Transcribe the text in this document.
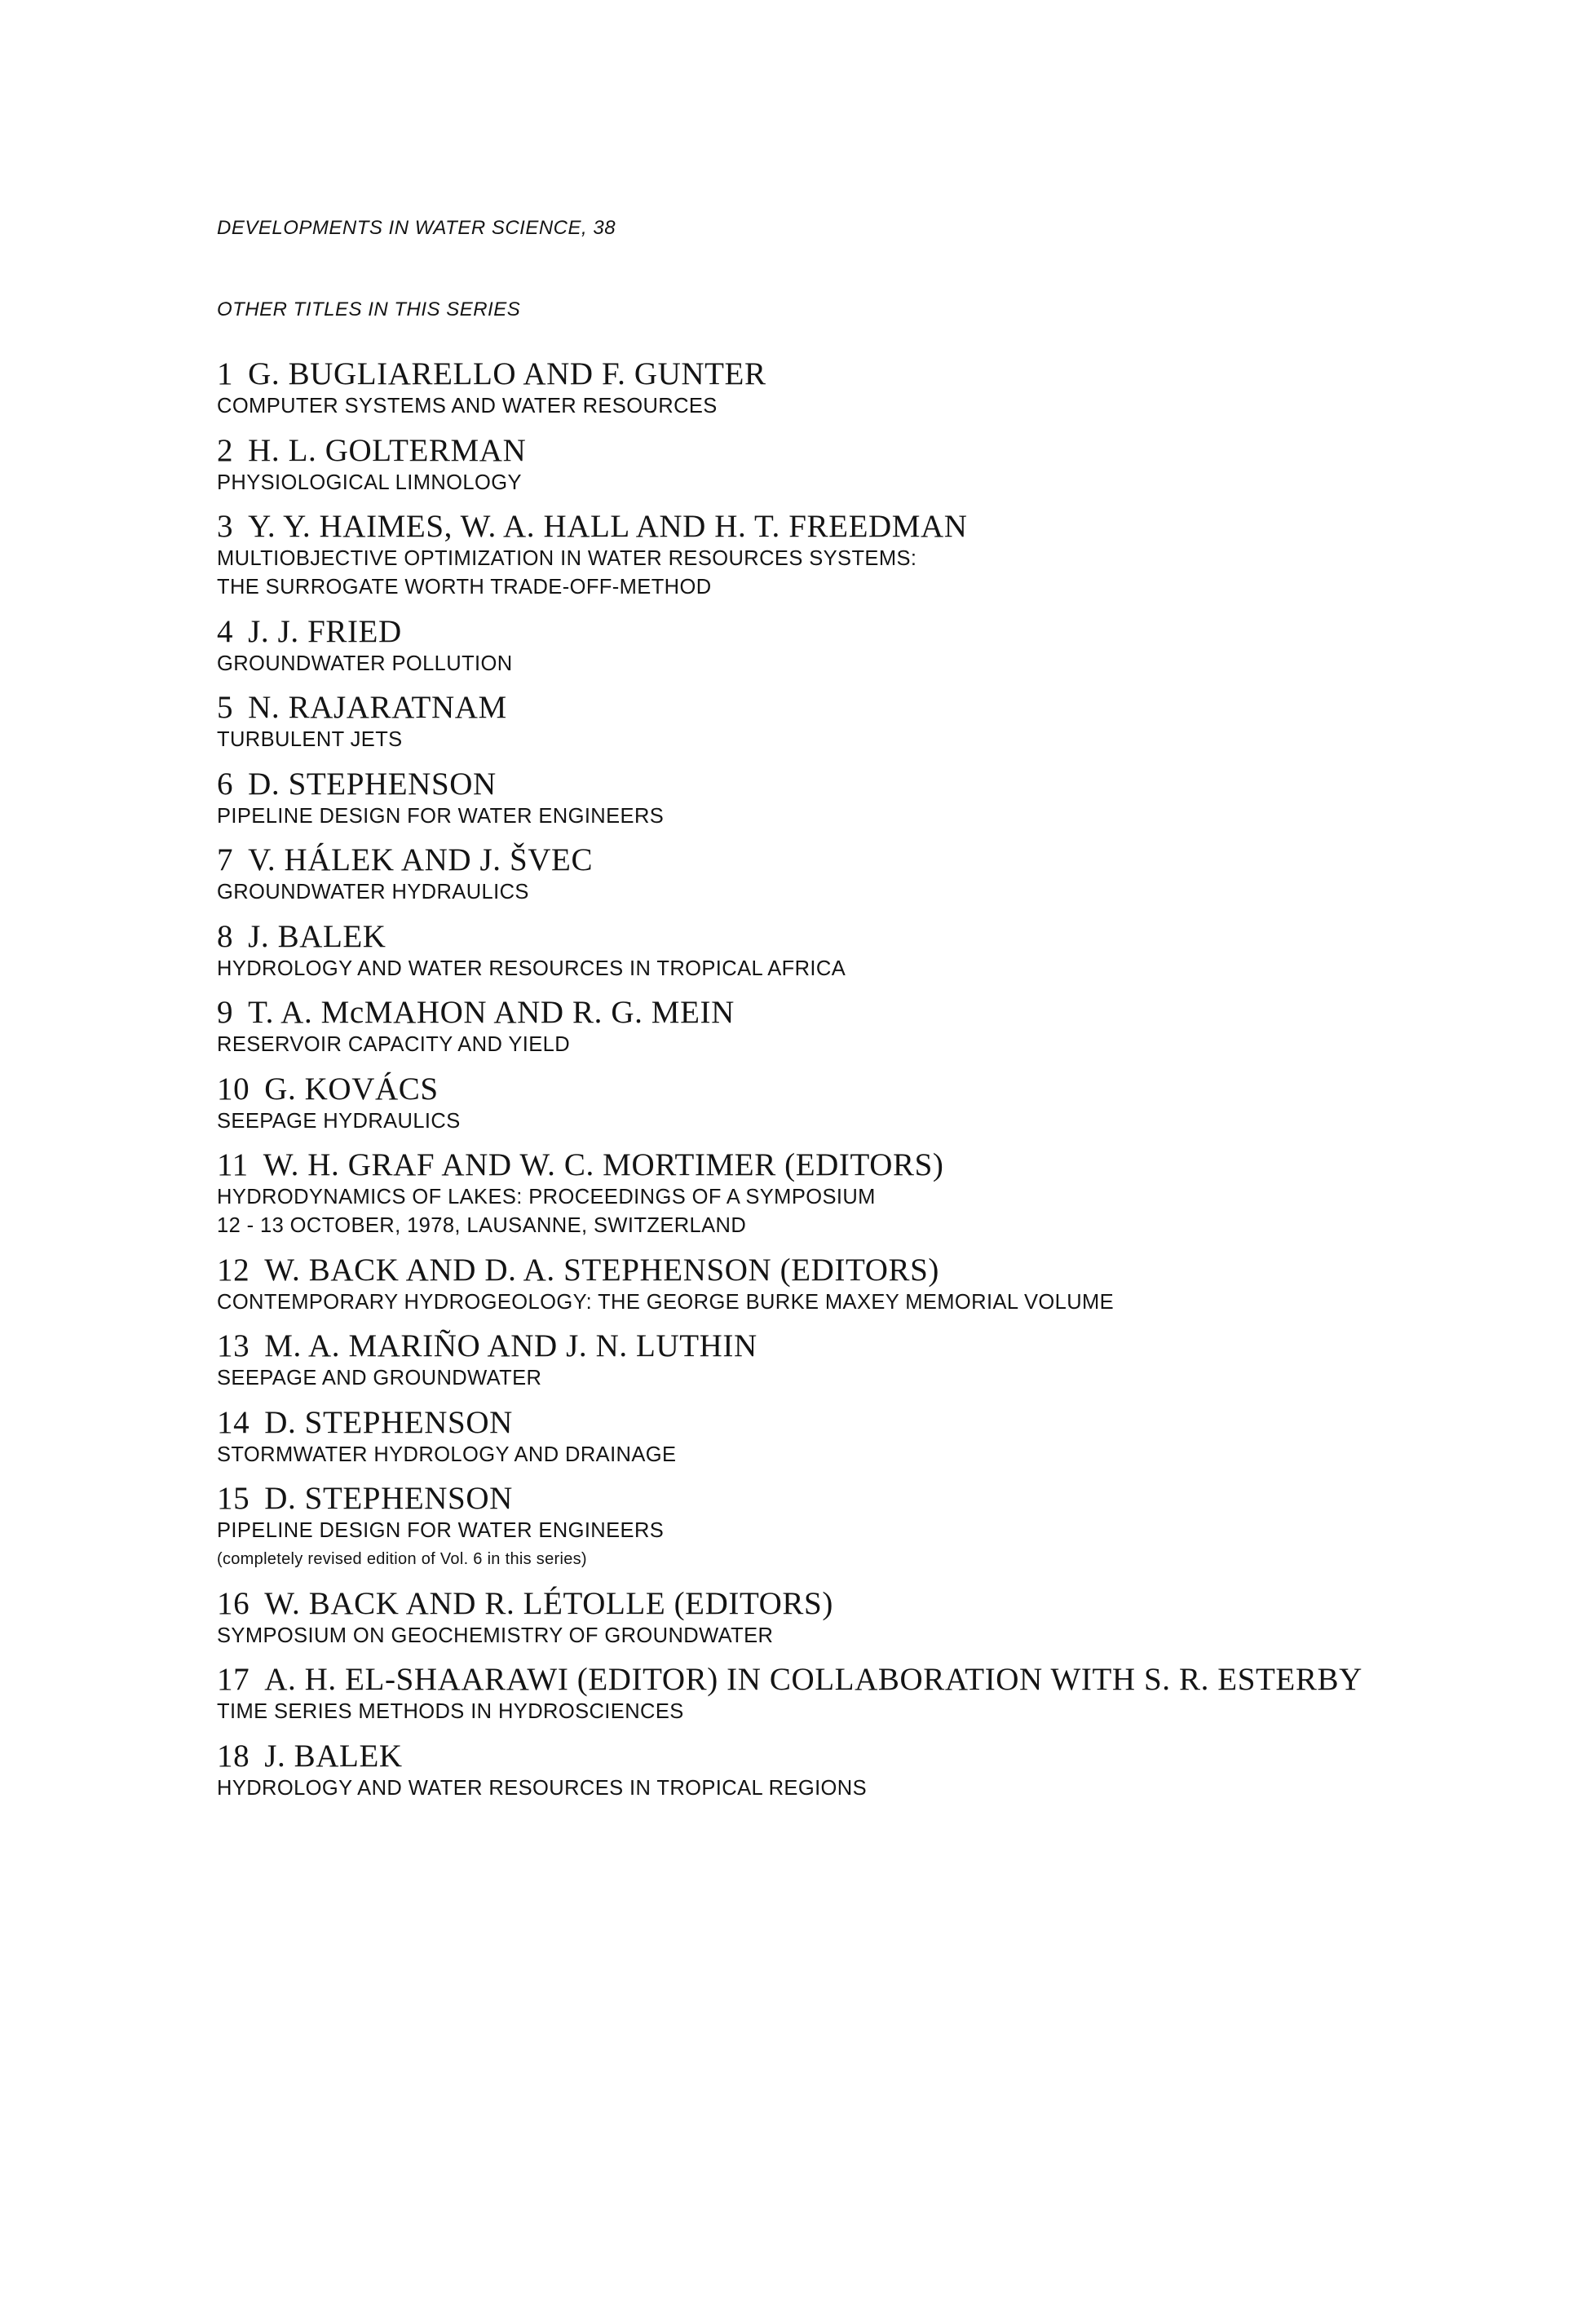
DEVELOPMENTS IN WATER SCIENCE, 38
OTHER TITLES IN THIS SERIES
1 G. BUGLIARELLO AND F. GUNTER
COMPUTER SYSTEMS AND WATER RESOURCES
2 H. L. GOLTERMAN
PHYSIOLOGICAL LIMNOLOGY
3 Y. Y. HAIMES, W. A. HALL AND H. T. FREEDMAN
MULTIOBJECTIVE OPTIMIZATION IN WATER RESOURCES SYSTEMS:
THE SURROGATE WORTH TRADE-OFF-METHOD
4 J. J. FRIED
GROUNDWATER POLLUTION
5 N. RAJARATNAM
TURBULENT JETS
6 D. STEPHENSON
PIPELINE DESIGN FOR WATER ENGINEERS
7 V. HÁLEK AND J. ŠVEC
GROUNDWATER HYDRAULICS
8 J. BALEK
HYDROLOGY AND WATER RESOURCES IN TROPICAL AFRICA
9 T. A. McMAHON AND R. G. MEIN
RESERVOIR CAPACITY AND YIELD
10 G. KOVÁCS
SEEPAGE HYDRAULICS
11 W. H. GRAF AND W. C. MORTIMER (EDITORS)
HYDRODYNAMICS OF LAKES: PROCEEDINGS OF A SYMPOSIUM
12 - 13 OCTOBER, 1978, LAUSANNE, SWITZERLAND
12 W. BACK AND D. A. STEPHENSON (EDITORS)
CONTEMPORARY HYDROGEOLOGY: THE GEORGE BURKE MAXEY MEMORIAL VOLUME
13 M. A. MARIÑO AND J. N. LUTHIN
SEEPAGE AND GROUNDWATER
14 D. STEPHENSON
STORMWATER HYDROLOGY AND DRAINAGE
15 D. STEPHENSON
PIPELINE DESIGN FOR WATER ENGINEERS
(completely revised edition of Vol. 6 in this series)
16 W. BACK AND R. LÉTOLLE (EDITORS)
SYMPOSIUM ON GEOCHEMISTRY OF GROUNDWATER
17 A. H. EL-SHAARAWI (EDITOR) IN COLLABORATION WITH S. R. ESTERBY
TIME SERIES METHODS IN HYDROSCIENCES
18 J. BALEK
HYDROLOGY AND WATER RESOURCES IN TROPICAL REGIONS
